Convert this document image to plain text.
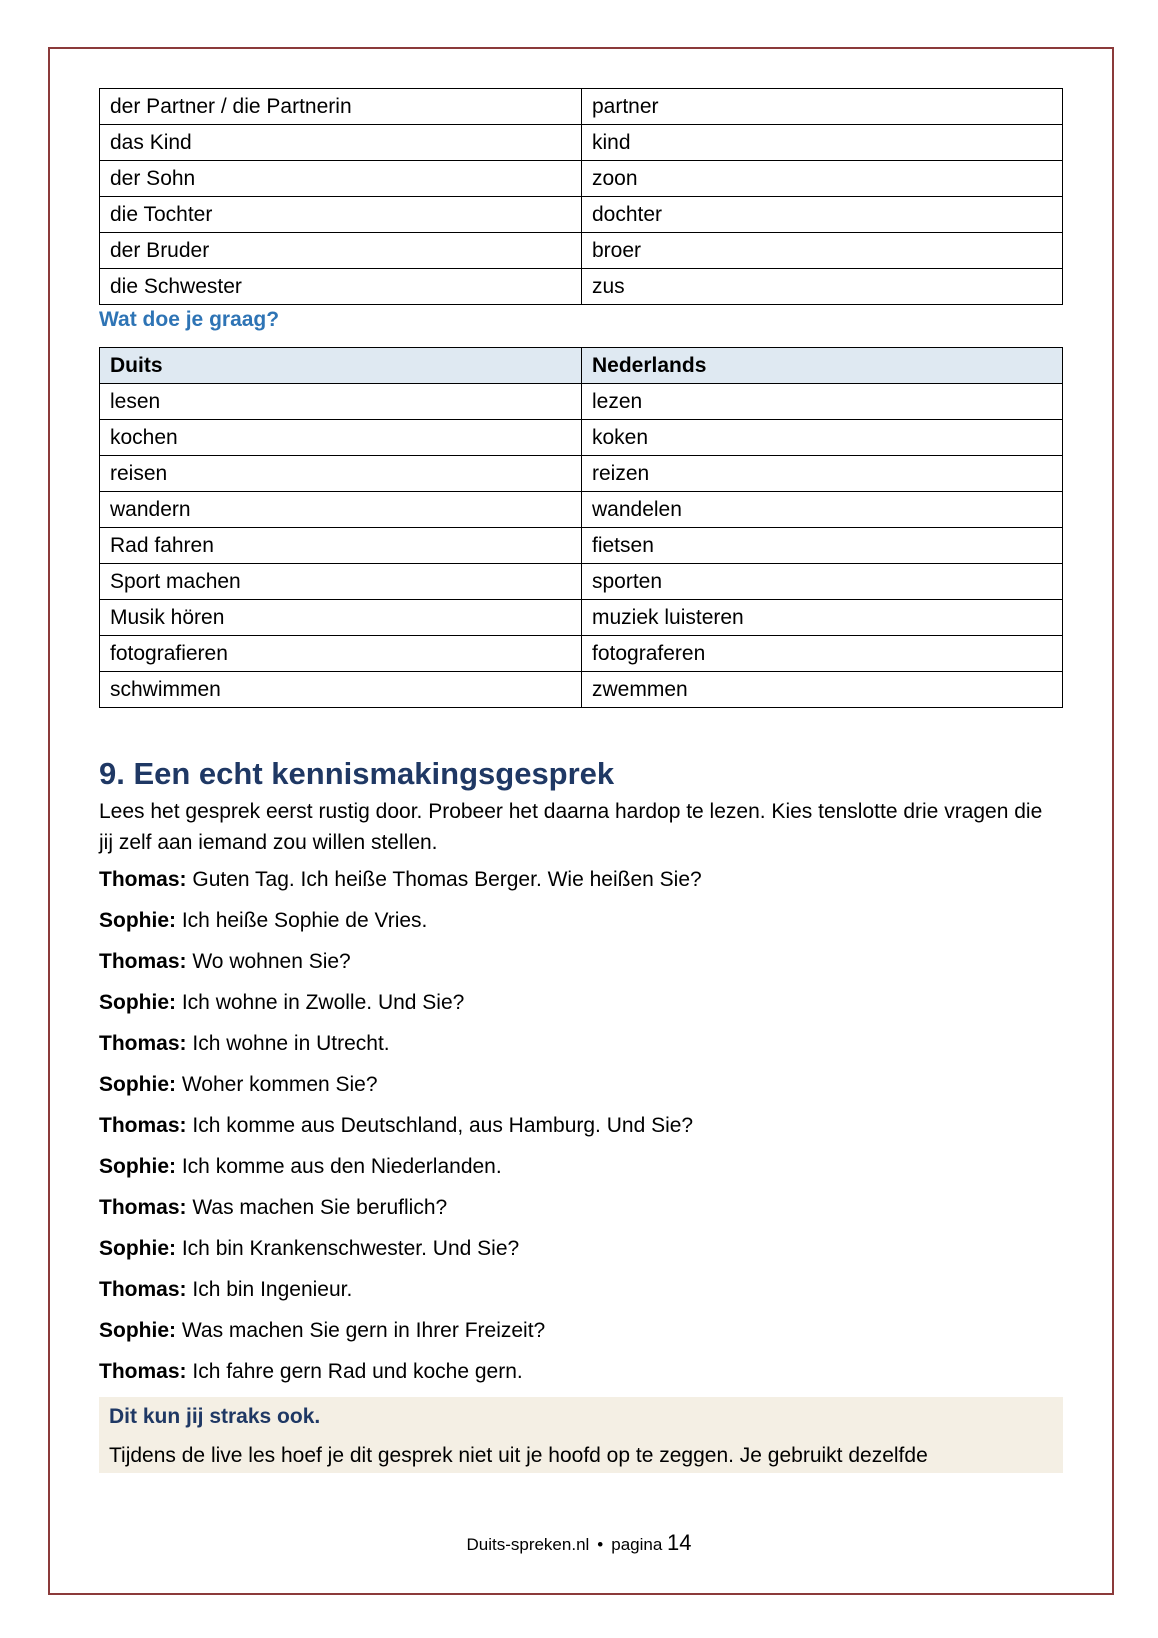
der Partner / die Partnerin	partner
das Kind	kind
der Sohn	zoon
die Tochter	dochter
der Bruder	broer
die Schwester	zus

Wat doe je graag?

Duits	Nederlands
lesen	lezen
kochen	koken
reisen	reizen
wandern	wandelen
Rad fahren	fietsen
Sport machen	sporten
Musik hören	muziek luisteren
fotografieren	fotograferen
schwimmen	zwemmen
9. Een echt kennismakingsgesprek

Lees het gesprek eerst rustig door. Probeer het daarna hardop te lezen. Kies tenslotte drie vragen die jij zelf aan iemand zou willen stellen.

Thomas: Guten Tag. Ich heiße Thomas Berger. Wie heißen Sie?

Sophie: Ich heiße Sophie de Vries.

Thomas: Wo wohnen Sie?

Sophie: Ich wohne in Zwolle. Und Sie?

Thomas: Ich wohne in Utrecht.

Sophie: Woher kommen Sie?

Thomas: Ich komme aus Deutschland, aus Hamburg. Und Sie?

Sophie: Ich komme aus den Niederlanden.

Thomas: Was machen Sie beruflich?

Sophie: Ich bin Krankenschwester. Und Sie?

Thomas: Ich bin Ingenieur.

Sophie: Was machen Sie gern in Ihrer Freizeit?

Thomas: Ich fahre gern Rad und koche gern.

Dit kun jij straks ook.
Tijdens de live les hoef je dit gesprek niet uit je hoofd op te zeggen. Je gebruikt dezelfde
Duits-spreken.nl • pagina 14
